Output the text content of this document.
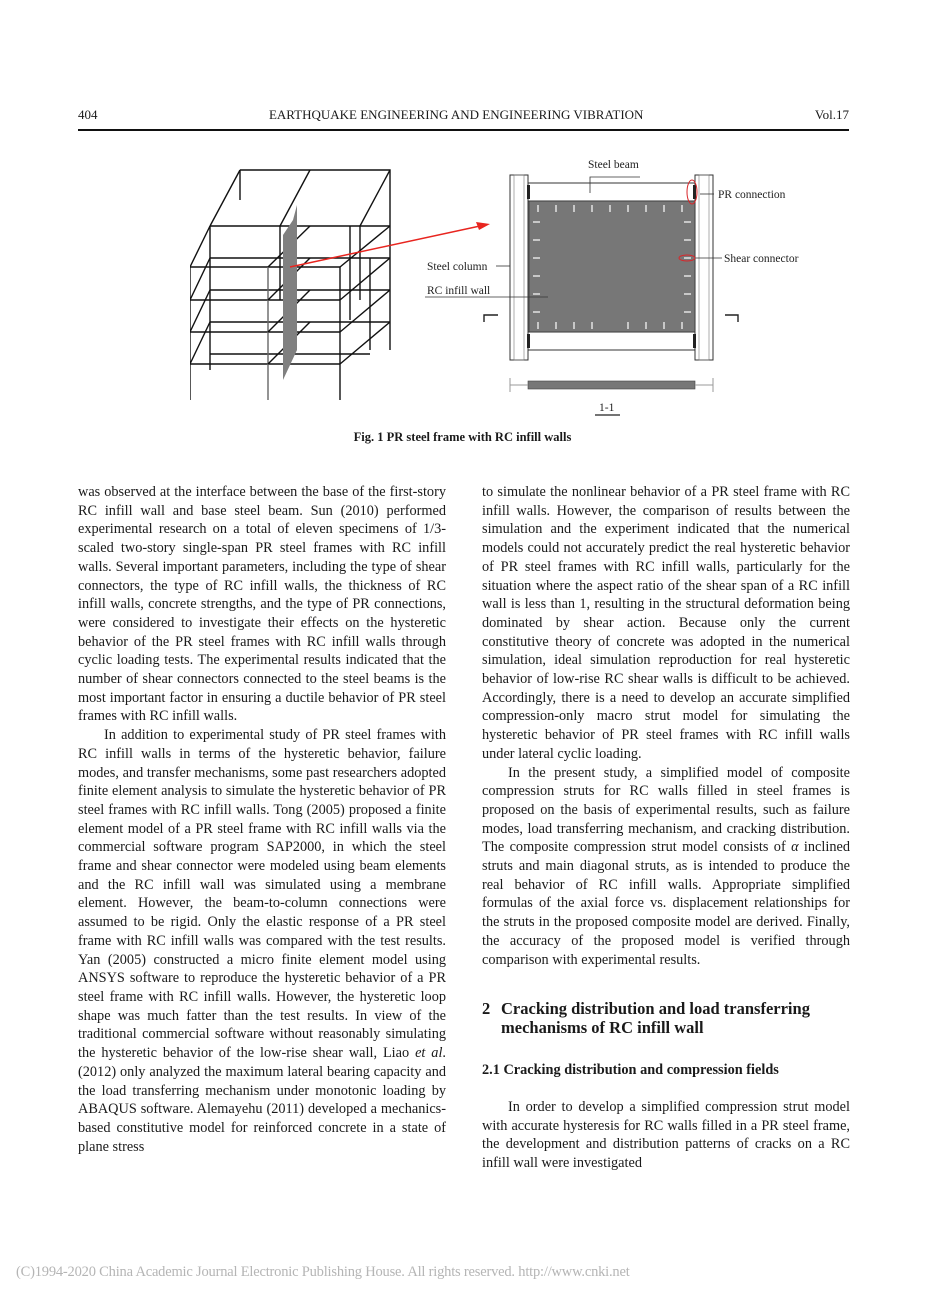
404	EARTHQUAKE ENGINEERING AND ENGINEERING VIBRATION	Vol.17
Steel beam
PR connection
Shear connector
Steel column
RC infill wall
1-1
Fig. 1 PR steel frame with RC infill walls

was observed at the interface between the base of the first-story RC infill wall and base steel beam. Sun (2010) performed experimental research on a total of eleven specimens of 1/3-scaled two-story single-span PR steel frames with RC infill walls. Several important parameters, including the type of shear connectors, the type of RC infill walls, the thickness of RC infill walls, concrete strengths, and the type of PR connections, were considered to investigate their effects on the hysteretic behavior of the PR steel frames with RC infill walls through cyclic loading tests. The experimental results indicated that the number of shear connectors connected to the steel beams is the most important factor in ensuring a ductile behavior of PR steel frames with RC infill walls.

In addition to experimental study of PR steel frames with RC infill walls in terms of the hysteretic behavior, failure modes, and transfer mechanisms, some past researchers adopted finite element analysis to simulate the hysteretic behavior of PR steel frames with RC infill walls. Tong (2005) proposed a finite element model of a PR steel frame with RC infill walls via the commercial software program SAP2000, in which the steel frame and shear connector were modeled using beam elements and the RC infill wall was simulated using a membrane element. However, the beam-to-column connections were assumed to be rigid. Only the elastic response of a PR steel frame with RC infill walls was compared with the test results. Yan (2005) constructed a micro finite element model using ANSYS software to reproduce the hysteretic behavior of a PR steel frame with RC infill walls. However, the hysteretic loop shape was much fatter than the test results. In view of the traditional commercial software without reasonably simulating the hysteretic behavior of the low-rise shear wall, Liao et al. (2012) only analyzed the maximum lateral bearing capacity and the load transferring mechanism under monotonic loading by ABAQUS software. Alemayehu (2011) developed a mechanics-based constitutive model for reinforced concrete in a state of plane stress

to simulate the nonlinear behavior of a PR steel frame with RC infill walls. However, the comparison of results between the simulation and the experiment indicated that the numerical models could not accurately predict the real hysteretic behavior of PR steel frames with RC infill walls, particularly for the situation where the aspect ratio of the shear span of a RC infill wall is less than 1, resulting in the structural deformation being dominated by shear action. Because only the current constitutive theory of concrete was adopted in the numerical simulation, ideal simulation reproduction for real hysteretic behavior of low-rise RC shear walls is difficult to be achieved. Accordingly, there is a need to develop an accurate simplified compression-only macro strut model for simulating the hysteretic behavior of PR steel frames with RC infill walls under lateral cyclic loading.

In the present study, a simplified model of composite compression struts for RC walls filled in steel frames is proposed on the basis of experimental results, such as failure modes, load transferring mechanism, and cracking distribution. The composite compression strut model consists of α inclined struts and main diagonal struts, as is intended to produce the real behavior of RC infill walls. Appropriate simplified formulas of the axial force vs. displacement relationships for the struts in the proposed composite model are derived. Finally, the accuracy of the proposed model is verified through comparison with experimental results.

2 Cracking distribution and load transferring mechanisms of RC infill wall
2.1 Cracking distribution and compression fields

In order to develop a simplified compression strut model with accurate hysteresis for RC walls filled in a PR steel frame, the development and distribution patterns of cracks on a RC infill wall were investigated

(C)1994-2020 China Academic Journal Electronic Publishing House. All rights reserved. http://www.cnki.net
